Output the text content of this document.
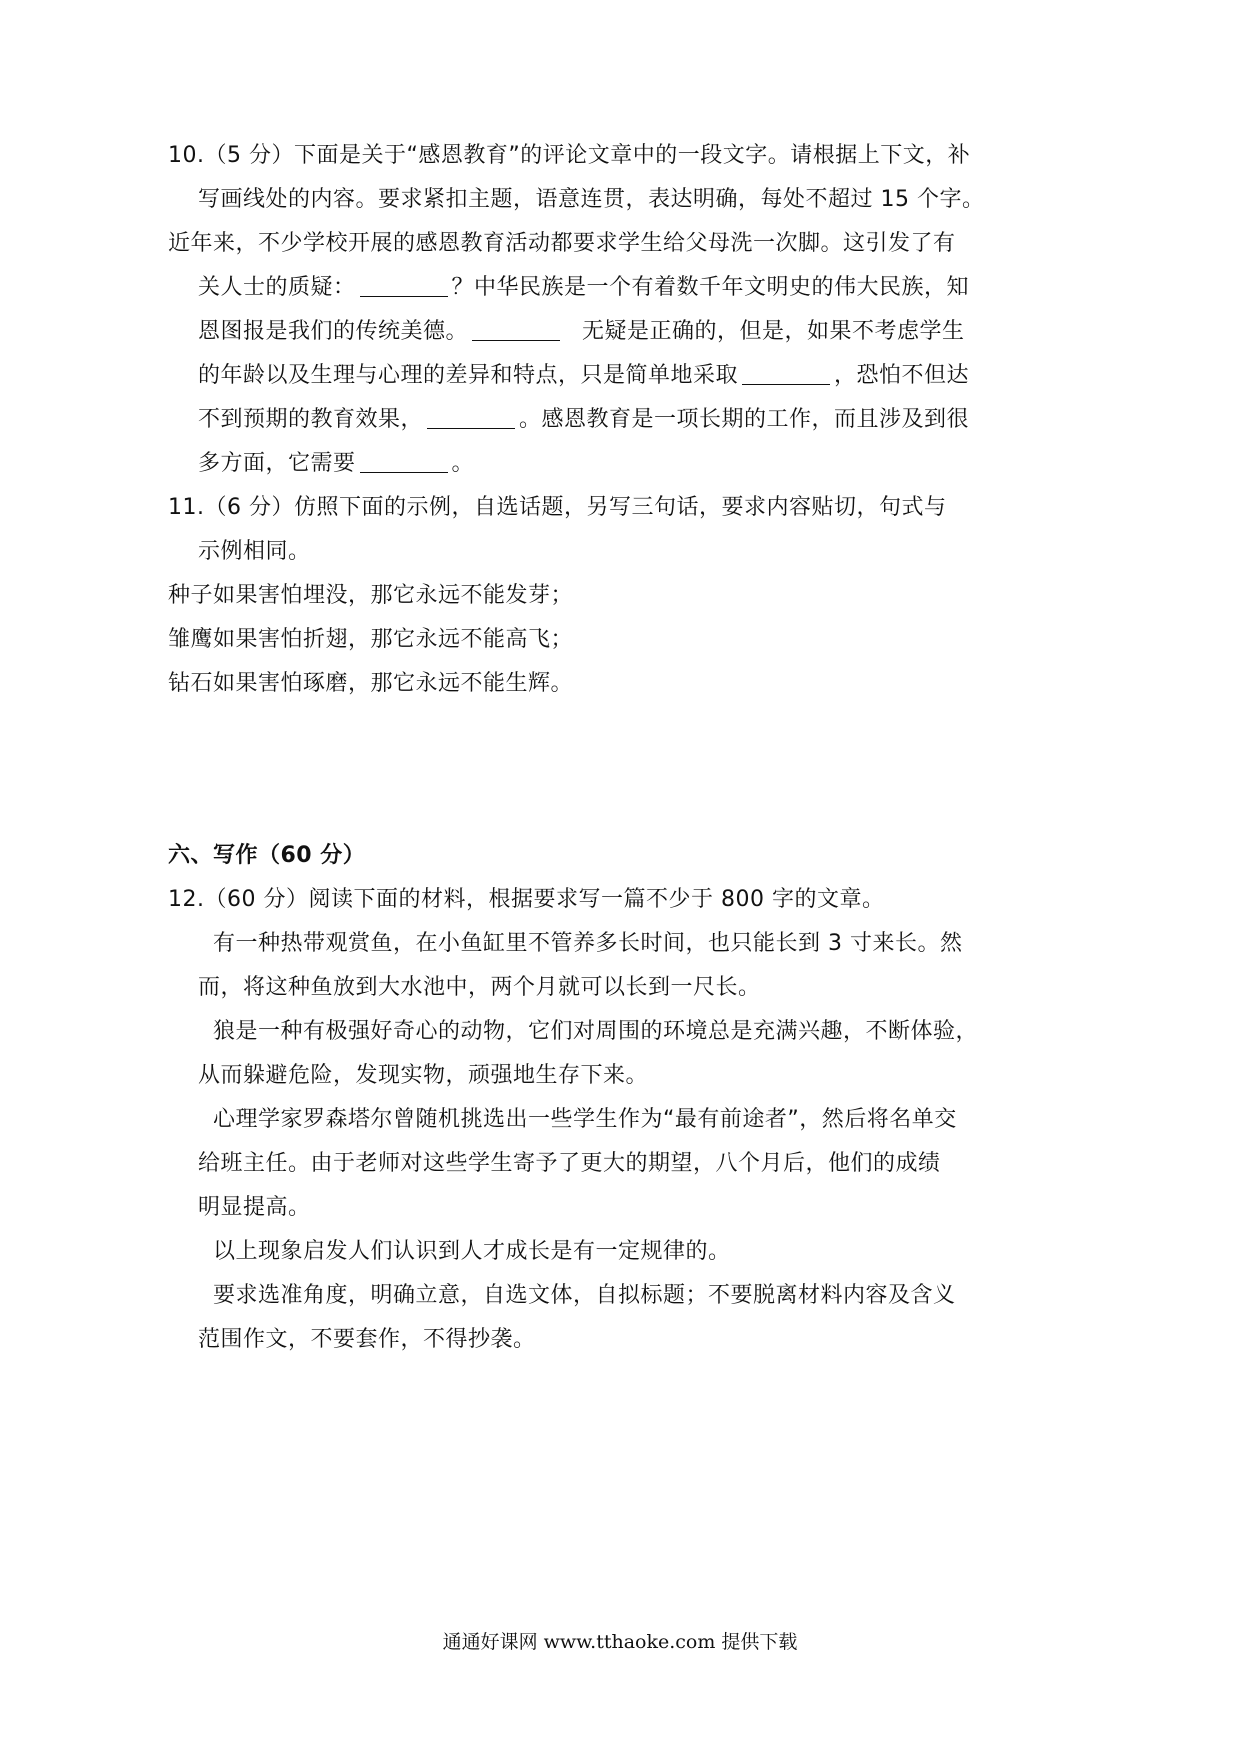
10.（5 分）下面是关于“感恩教育”的评论文章中的一段文字。请根据上下文，补
写画线处的内容。要求紧扣主题，语意连贯，表达明确，每处不超过 15 个字。
近年来，不少学校开展的感恩教育活动都要求学生给父母洗一次脚。这引发了有
关人士的质疑：	？中华民族是一个有着数千年文明史的伟大民族，知
恩图报是我们的传统美德。	无疑是正确的，但是，如果不考虑学生
的年龄以及生理与心理的差异和特点，只是简单地采取	，恐怕不但达
不到预期的教育效果，	。感恩教育是一项长期的工作，而且涉及到很
多方面，它需要	。
11.（6 分）仿照下面的示例，自选话题，另写三句话，要求内容贴切，句式与
示例相同。
种子如果害怕埋没，那它永远不能发芽；
雏鹰如果害怕折翅，那它永远不能高飞；
钻石如果害怕琢磨，那它永远不能生辉。
六、写作（60 分）
12.（60 分）阅读下面的材料，根据要求写一篇不少于 800 字的文章。
有一种热带观赏鱼，在小鱼缸里不管养多长时间，也只能长到 3 寸来长。然
而，将这种鱼放到大水池中，两个月就可以长到一尺长。
狼是一种有极强好奇心的动物，它们对周围的环境总是充满兴趣，不断体验，
从而躲避危险，发现实物，顽强地生存下来。
心理学家罗森塔尔曾随机挑选出一些学生作为“最有前途者”，然后将名单交
给班主任。由于老师对这些学生寄予了更大的期望，八个月后，他们的成绩
明显提高。
以上现象启发人们认识到人才成长是有一定规律的。
要求选准角度，明确立意，自选文体，自拟标题；不要脱离材料内容及含义
范围作文，不要套作，不得抄袭。
通通好课网 www.tthaoke.com 提供下载
